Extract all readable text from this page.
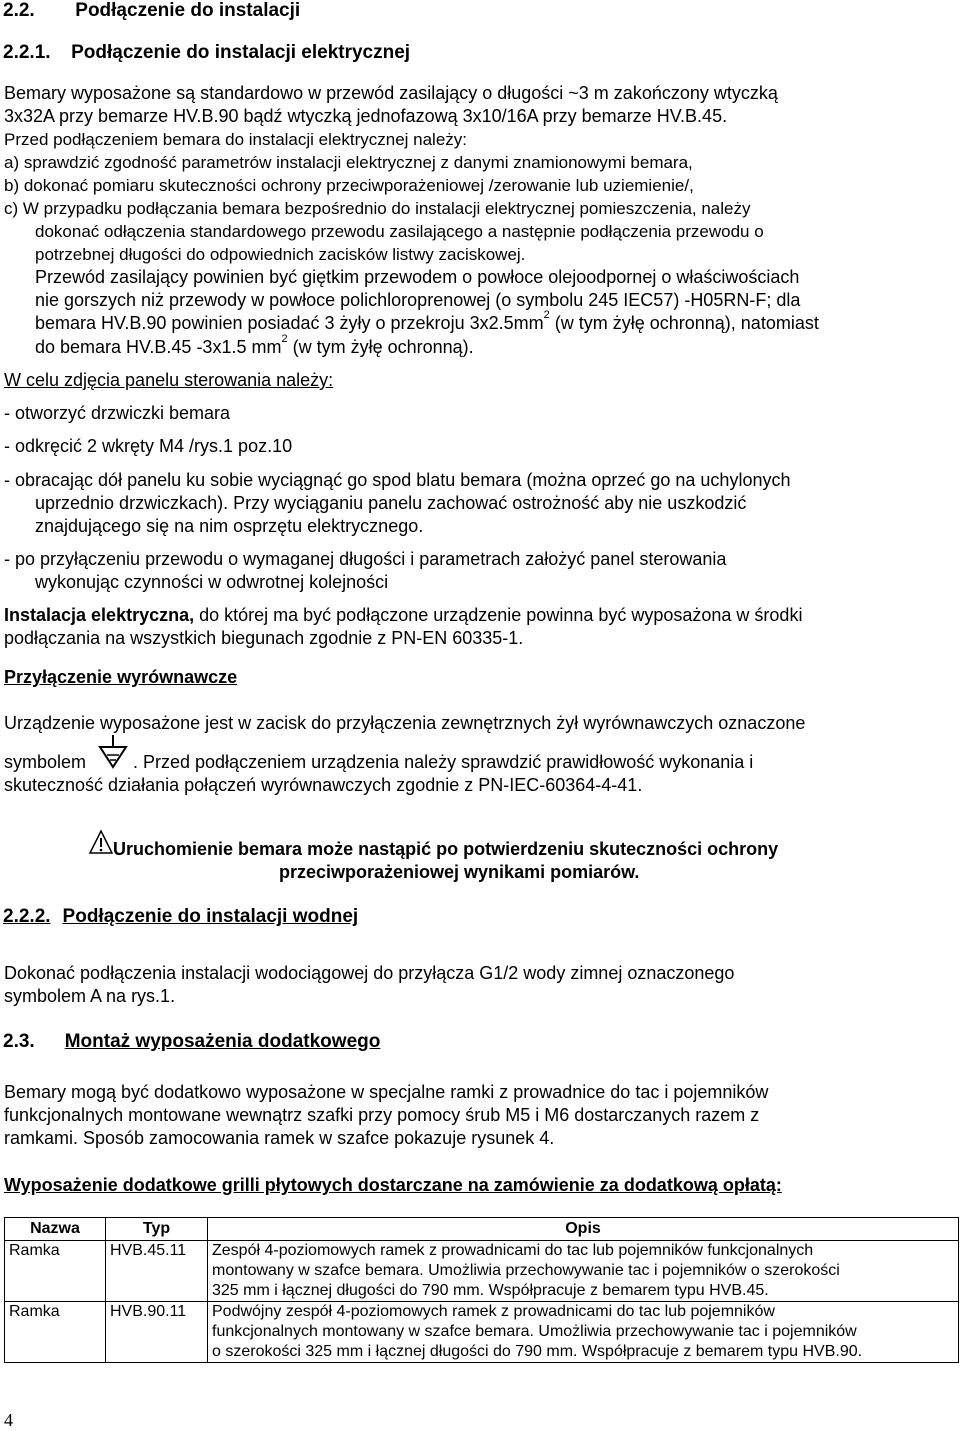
2.2. Podłączenie do instalacji
2.2.1. Podłączenie do instalacji elektrycznej
Bemary wyposażone są standardowo w przewód zasilający o długości ~3 m zakończony wtyczką
3x32A przy bemarze HV.B.90 bądź wtyczką jednofazową 3x10/16A przy bemarze HV.B.45.
Przed podłączeniem bemara do instalacji elektrycznej należy:
a) sprawdzić zgodność parametrów instalacji elektrycznej z danymi znamionowymi bemara,
b) dokonać pomiaru skuteczności ochrony przeciwporażeniowej /zerowanie lub uziemienie/,
c) W przypadku podłączania bemara bezpośrednio do instalacji elektrycznej pomieszczenia, należy
dokonać odłączenia standardowego przewodu zasilającego a następnie podłączenia przewodu o
potrzebnej długości do odpowiednich zacisków listwy zaciskowej.
Przewód zasilający powinien być giętkim przewodem o powłoce olejoodpornej o właściwościach
nie gorszych niż przewody w powłoce polichloroprenowej (o symbolu 245 IEC57) -H05RN-F; dla
bemara HV.B.90 powinien posiadać 3 żyły o przekroju $3x2.5mm^2$ (w tym żyłę ochronną), natomiast
do bemara HV.B.45 -3x1.5 $mm^2$ (w tym żyłę ochronną).
W celu zdjęcia panelu sterowania należy:
- otworzyć drzwiczki bemara
- odkręcić 2 wkręty M4 /rys.1 poz.10
- obracając dół panelu ku sobie wyciągnąć go spod blatu bemara (można oprzeć go na uchylonych
uprzednio drzwiczkach). Przy wyciąganiu panelu zachować ostrożność aby nie uszkodzić
znajdującego się na nim osprzętu elektrycznego.
- po przyłączeniu przewodu o wymaganej długości i parametrach założyć panel sterowania
wykonując czynności w odwrotnej kolejności
Instalacja elektryczna, do której ma być podłączone urządzenie powinna być wyposażona w środki
podłączania na wszystkich biegunach zgodnie z PN-EN 60335-1.
Przyłączenie wyrównawcze
Urządzenie wyposażone jest w zacisk do przyłączenia zewnętrznych żył wyrównawczych oznaczone
symbolem	. Przed podłączeniem urządzenia należy sprawdzić prawidłowość wykonania i
skuteczność działania połączeń wyrównawczych zgodnie z PN-IEC-60364-4-41.
Uruchomienie bemara może nastąpić po potwierdzeniu skuteczności ochrony
przeciwporażeniowej wynikami pomiarów.
2.2.2. Podłączenie do instalacji wodnej
Dokonać podłączenia instalacji wodociągowej do przyłącza G1/2 wody zimnej oznaczonego
symbolem A na rys.1.
2.3. Montaż wyposażenia dodatkowego
Bemary mogą być dodatkowo wyposażone w specjalne ramki z prowadnice do tac i pojemników
funkcjonalnych montowane wewnątrz szafki przy pomocy śrub M5 i M6 dostarczanych razem z
ramkami. Sposób zamocowania ramek w szafce pokazuje rysunek 4.
Wyposażenie dodatkowe grilli płytowych dostarczane na zamówienie za dodatkową opłatą:
Nazwa	Typ	Opis
Ramka	HVB.45.11	Zespół 4-poziomowych ramek z prowadnicami do tac lub pojemników funkcjonalnych
montowany w szafce bemara. Umożliwia przechowywanie tac i pojemników o szerokości
325 mm i łącznej długości do 790 mm. Współpracuje z bemarem typu HVB.45.

Ramka	HVB.90.11	Podwójny zespół 4-poziomowych ramek z prowadnicami do tac lub pojemników
funkcjonalnych montowany w szafce bemara. Umożliwia przechowywanie tac i pojemników
o szerokości 325 mm i łącznej długości do 790 mm. Współpracuje z bemarem typu HVB.90.
4
